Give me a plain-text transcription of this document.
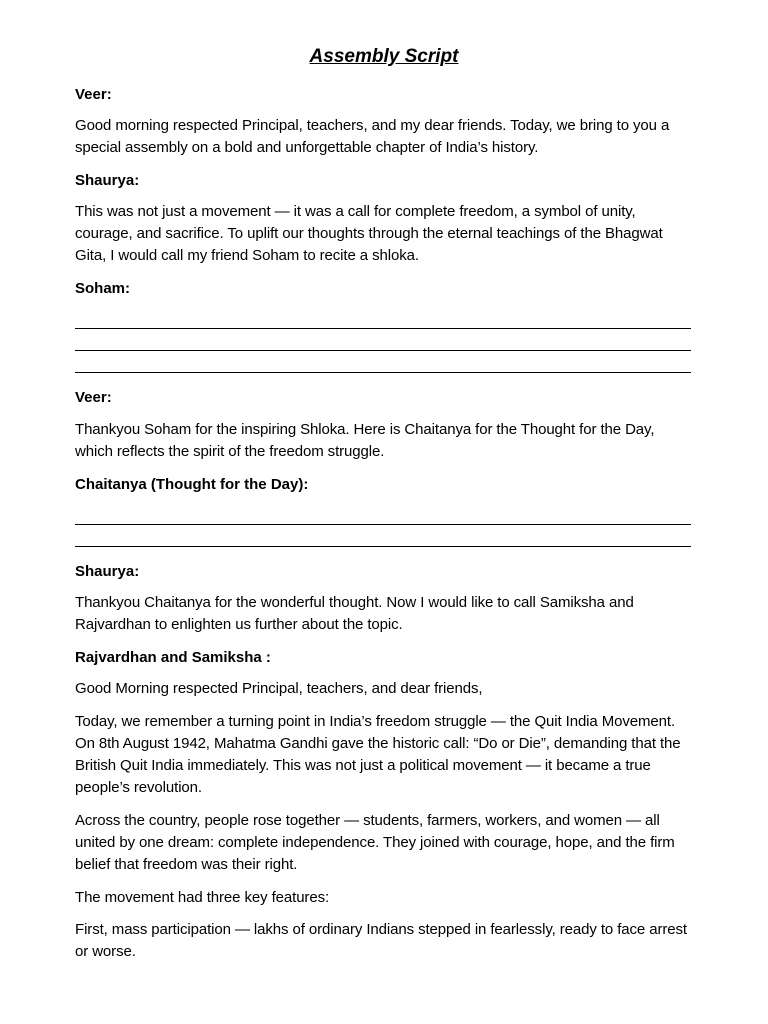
Assembly Script
Veer:
Good morning respected Principal, teachers, and my dear friends. Today, we bring to you a special assembly on a bold and unforgettable chapter of India’s history.
Shaurya:
This was not just a movement — it was a call for complete freedom, a symbol of unity, courage, and sacrifice. To uplift our thoughts through the eternal teachings of the Bhagwat Gita, I would call my friend Soham to recite a shloka.
Soham:
Veer:
Thankyou Soham for the inspiring Shloka. Here is Chaitanya for the Thought for the Day, which reflects the spirit of the freedom struggle.
Chaitanya (Thought for the Day):
Shaurya:
Thankyou Chaitanya for the wonderful thought. Now I would like to call Samiksha and Rajvardhan to enlighten us further about the topic.
Rajvardhan and Samiksha :
Good Morning respected Principal, teachers, and dear friends,
Today, we remember a turning point in India’s freedom struggle — the Quit India Movement. On 8th August 1942, Mahatma Gandhi gave the historic call: “Do or Die”, demanding that the British Quit India immediately. This was not just a political movement — it became a true people’s revolution.
Across the country, people rose together — students, farmers, workers, and women — all united by one dream: complete independence. They joined with courage, hope, and the firm belief that freedom was their right.
The movement had three key features:
First, mass participation — lakhs of ordinary Indians stepped in fearlessly, ready to face arrest or worse.
